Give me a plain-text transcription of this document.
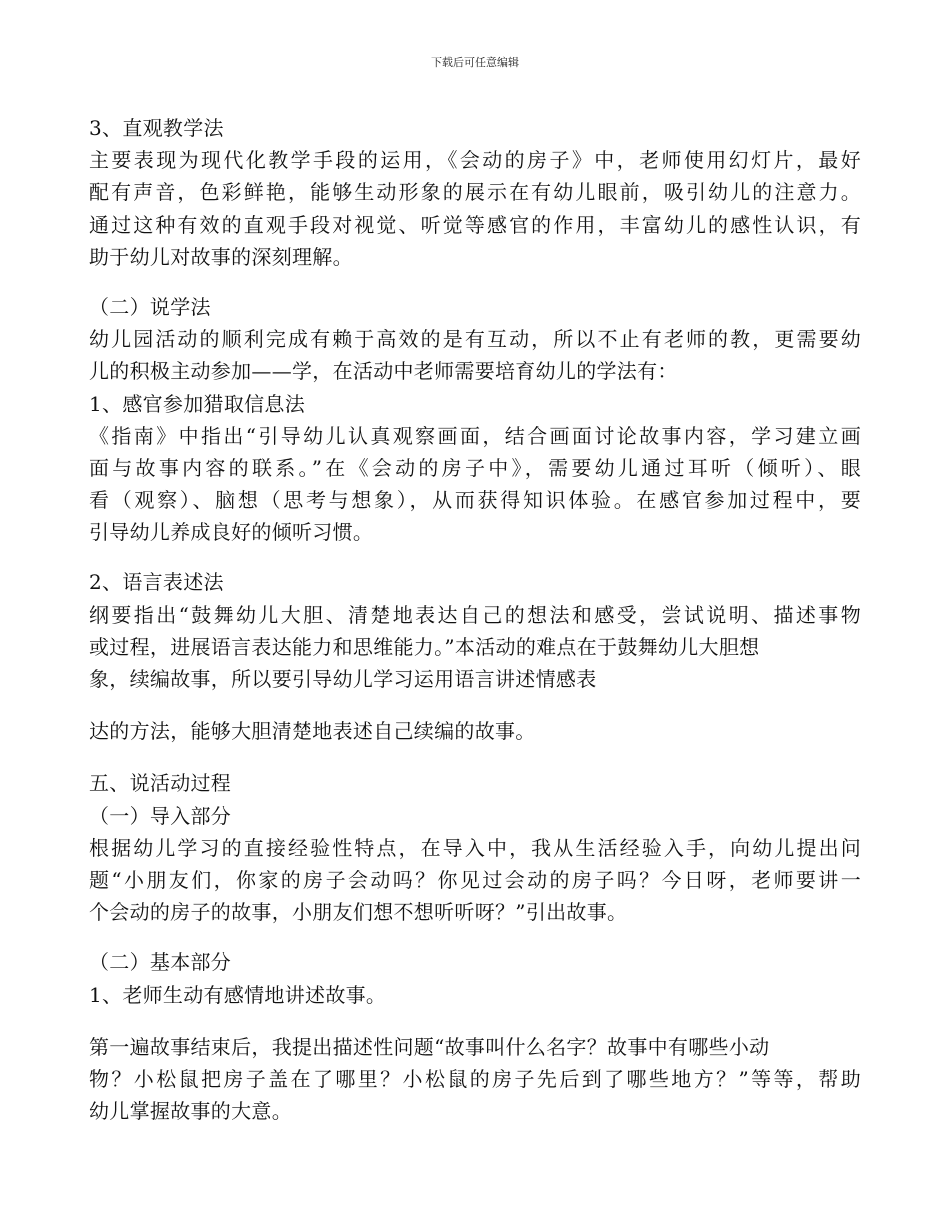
下载后可任意编辑
3、直观教学法
主要表现为现代化教学手段的运用，《会动的房子》中，老师使用幻灯片，最好
配有声音，色彩鲜艳，能够生动形象的展示在有幼儿眼前，吸引幼儿的注意力。
通过这种有效的直观手段对视觉、听觉等感官的作用，丰富幼儿的感性认识，有
助于幼儿对故事的深刻理解。
（二）说学法
幼儿园活动的顺利完成有赖于高效的是有互动，所以不止有老师的教，更需要幼
儿的积极主动参加——学，在活动中老师需要培育幼儿的学法有：
1、感官参加猎取信息法
《指南》中指出“引导幼儿认真观察画面，结合画面讨论故事内容，学习建立画
面与故事内容的联系。”在《会动的房子中》，需要幼儿通过耳听（倾听）、眼
看（观察）、脑想（思考与想象），从而获得知识体验。在感官参加过程中，要
引导幼儿养成良好的倾听习惯。
2、语言表述法
纲要指出“鼓舞幼儿大胆、清楚地表达自己的想法和感受，尝试说明、描述事物
或过程，进展语言表达能力和思维能力。”本活动的难点在于鼓舞幼儿大胆想
象，续编故事，所以要引导幼儿学习运用语言讲述情感表
达的方法，能够大胆清楚地表述自己续编的故事。
五、说活动过程
（一）导入部分
根据幼儿学习的直接经验性特点，在导入中，我从生活经验入手，向幼儿提出问
题“小朋友们，你家的房子会动吗？你见过会动的房子吗？今日呀，老师要讲一
个会动的房子的故事，小朋友们想不想听听呀？”引出故事。
（二）基本部分
1、老师生动有感情地讲述故事。
第一遍故事结束后，我提出描述性问题“故事叫什么名字？故事中有哪些小动
物？小松鼠把房子盖在了哪里？小松鼠的房子先后到了哪些地方？”等等，帮助
幼儿掌握故事的大意。
